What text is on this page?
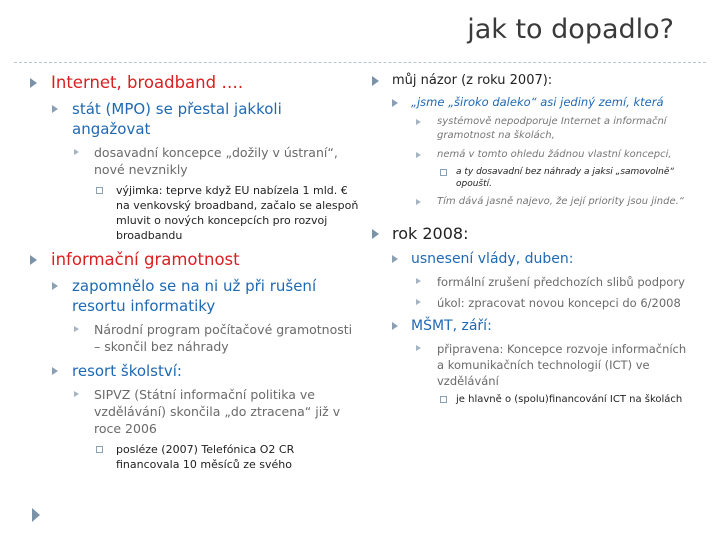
jak to dopadlo?
Internet, broadband ….
stát (MPO) se přestal jakkoli angažovat
dosavadní koncepce „dožily v ústraní“, nové nevznikly
výjimka: teprve když EU nabízela 1 mld. € na venkovský broadband, začalo se alespoň mluvit o nových koncepcích pro rozvoj broadbandu
informační gramotnost
zapomnělo se na ni už při rušení resortu informatiky
Národní program počítačové gramotnosti – skončil bez náhrady
resort školství:
SIPVZ (Státní informační politika ve vzdělávání) skončila „do ztracena“ již v roce 2006
posléze (2007) Telefónica O2 CR financovala 10 měsíců ze svého
můj názor (z roku 2007):
„jsme „široko daleko“ asi jediný zemí, která
systémově nepodporuje Internet a informační gramotnost na školách,
nemá v tomto ohledu žádnou vlastní koncepci,
a ty dosavadní bez náhrady a jaksi „samovolně“ opouští.
Tím dává jasně najevo, že její priority jsou jinde.“
rok 2008:
usnesení vlády, duben:
formální zrušení předchozích slibů podpory
úkol: zpracovat novou koncepci do 6/2008
MŠMT, září:
připravena: Koncepce rozvoje informačních a komunikačních technologií (ICT) ve vzdělávání
je hlavně o (spolu)financování ICT na školách
